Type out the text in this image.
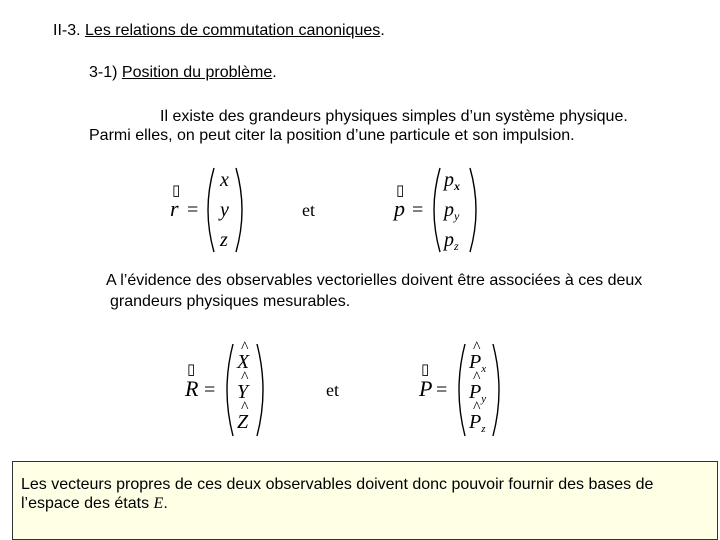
II-3. Les relations de commutation canoniques.
3-1) Position du problème.
Il existe des grandeurs physiques simples d’un système physique.
Parmi elles, on peut citer la position d’une particule et son impulsion.
▯
r =
x
y
z
et
▯
p =
$p_x$
$p_y$
$p_z$
A l’évidence des observables vectorielles doivent être associées à ces deux
grandeurs physiques mesurables.
▯
R =
^
X
^
Y
^
Z
et
▯
P =
^
$P_x$
^
$P_y$
^
$P_z$
Les vecteurs propres de ces deux observables doivent donc pouvoir fournir des bases de l’espace des états E.
